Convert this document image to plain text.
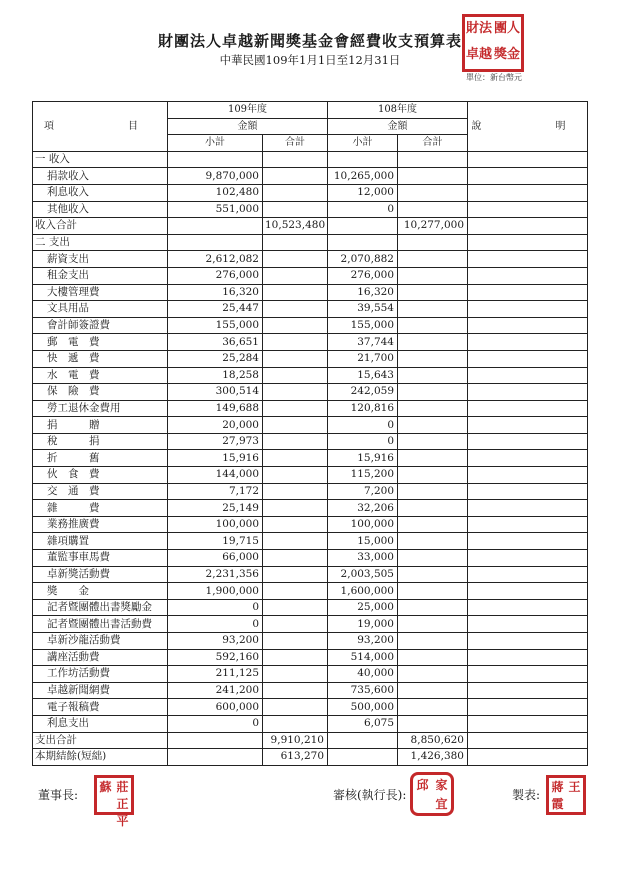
財團法人卓越新聞獎基金會經費收支預算表
中華民國109年1月1日至12月31日
單位：新台幣元
財法 團人
卓越 獎金
項　　目	109年度		108年度		說　　明
	金額		金額		
	小計	合計	小計	合計	
一 收入					
捐款收入	9,870,000		10,265,000		
利息收入	102,480		12,000		
其他收入	551,000		0		
收入合計		10,523,480		10,277,000	
二 支出					
薪資支出	2,612,082		2,070,882		
租金支出	276,000		276,000		
大樓管理費	16,320		16,320		
文具用品	25,447		39,554		
會計師簽證費	155,000		155,000		
郵　電　費	36,651		37,744		
快　遞　費	25,284		21,700		
水　電　費	18,258		15,643		
保　險　費	300,514		242,059		
勞工退休金費用	149,688		120,816		
捐　　　贈	20,000		0		
稅　　　捐	27,973		0		
折　　　舊	15,916		15,916		
伙　食　費	144,000		115,200		
交　通　費	7,172		7,200		
雜　　　費	25,149		32,206		
業務推廣費	100,000		100,000		
雜項購置	19,715		15,000		
董監事車馬費	66,000		33,000		
卓新獎活動費	2,231,356		2,003,505		
獎　　金	1,900,000		1,600,000		
記者暨團體出書獎勵金	0		25,000		
記者暨團體出書活動費	0		19,000		
卓新沙龍活動費	93,200		93,200		
講座活動費	592,160		514,000		
工作坊活動費	211,125		40,000		
卓越新聞網費	241,200		735,600		
電子報稿費	600,000		500,000		
利息支出	0		6,075		
支出合計		9,910,210		8,850,620	
本期結餘(短絀)		613,270		1,426,380	
董事長:
蘇 莊
正平
審核(執行長):
邱 家
宜
製表:
蔣 王
霞
